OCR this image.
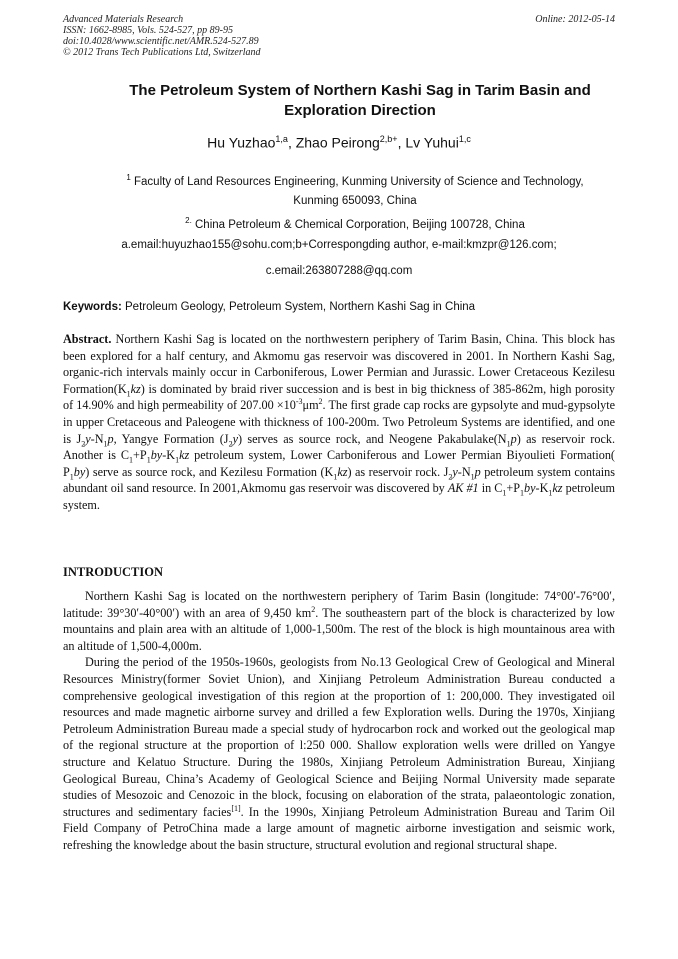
Advanced Materials Research
ISSN: 1662-8985, Vols. 524-527, pp 89-95
doi:10.4028/www.scientific.net/AMR.524-527.89
© 2012 Trans Tech Publications Ltd, Switzerland
Online: 2012-05-14
The Petroleum System of Northern Kashi Sag in Tarim Basin and
Exploration Direction
Hu Yuzhao$^{1,a}$, Zhao Peirong$^{2,b+}$, Lv Yuhui$^{1,c}$
$^1$ Faculty of Land Resources Engineering, Kunming University of Science and Technology,
Kunming 650093, China
$^{2.}$ China Petroleum & Chemical Corporation, Beijing 100728, China
a.email:huyuzhao155@sohu.com;b+Correspongding author, e-mail:kmzpr@126.com;
c.email:263807288@qq.com
Keywords: Petroleum Geology, Petroleum System, Northern Kashi Sag in China

Abstract. Northern Kashi Sag is located on the northwestern periphery of Tarim Basin, China. This block has been explored for a half century, and Akmomu gas reservoir was discovered in 2001. In Northern Kashi Sag, organic-rich intervals mainly occur in Carboniferous, Lower Permian and Jurassic. Lower Cretaceous Kezilesu $Formation(K_1kz)$ is dominated by braid river succession and is best in big thickness of 385-862m, high porosity of 14.90% and high permeability of $207.00 \times 10^{-3}\mu m^2$. The first grade cap rocks are gypsolyte and mud-gypsolyte in upper Cretaceous and Paleogene with thickness of 100-200m. Two Petroleum Systems are identified, and one is $J_2y-N_1p$, Yangye Formation $(J_2y)$ serves as source rock, and Neogene $Pakabulake(N_1p)$ as reservoir rock. Another is $C_1+P_1by-K_1kz$ petroleum system, Lower Carboniferous and Lower Permian Biyoulieti Formation( $P_1by$) serve as source rock, and Kezilesu Formation $(K_1kz)$ as reservoir rock. $J_2y-N_1p$ petroleum system contains abundant oil sand resource. In 2001,Akmomu gas reservoir was discovered by AK #1 in $C_1+P_1by-K_1kz$ petroleum system.

INTRODUCTION

Northern Kashi Sag is located on the northwestern periphery of Tarim Basin (longitude: 74°00′-76°00′, latitude: 39°30′-40°00′) with an area of 9,450 $km^2$. The southeastern part of the block is characterized by low mountains and plain area with an altitude of 1,000-1,500m. The rest of the block is high mountainous area with an altitude of 1,500-4,000m.

During the period of the 1950s-1960s, geologists from No.13 Geological Crew of Geological and Mineral Resources Ministry(former Soviet Union), and Xinjiang Petroleum Administration Bureau conducted a comprehensive geological investigation of this region at the proportion of 1: 200,000. They investigated oil resources and made magnetic airborne survey and drilled a few Exploration wells. During the 1970s, Xinjiang Petroleum Administration Bureau made a special study of hydrocarbon rock and worked out the geological map of the regional structure at the proportion of l:250 000. Shallow exploration wells were drilled on Yangye structure and Kelatuo Structure. During the 1980s, Xinjiang Petroleum Administration Bureau, Xinjiang Geological Bureau, China’s Academy of Geological Science and Beijing Normal University made separate studies of Mesozoic and Cenozoic in the block, focusing on elaboration of the strata, palaeontologic zonation, structures and sedimentary facies[1]. In the 1990s, Xinjiang Petroleum Administration Bureau and Tarim Oil Field Company of PetroChina made a large amount of magnetic airborne investigation and seismic work, refreshing the knowledge about the basin structure, structural evolution and regional structural shape.
